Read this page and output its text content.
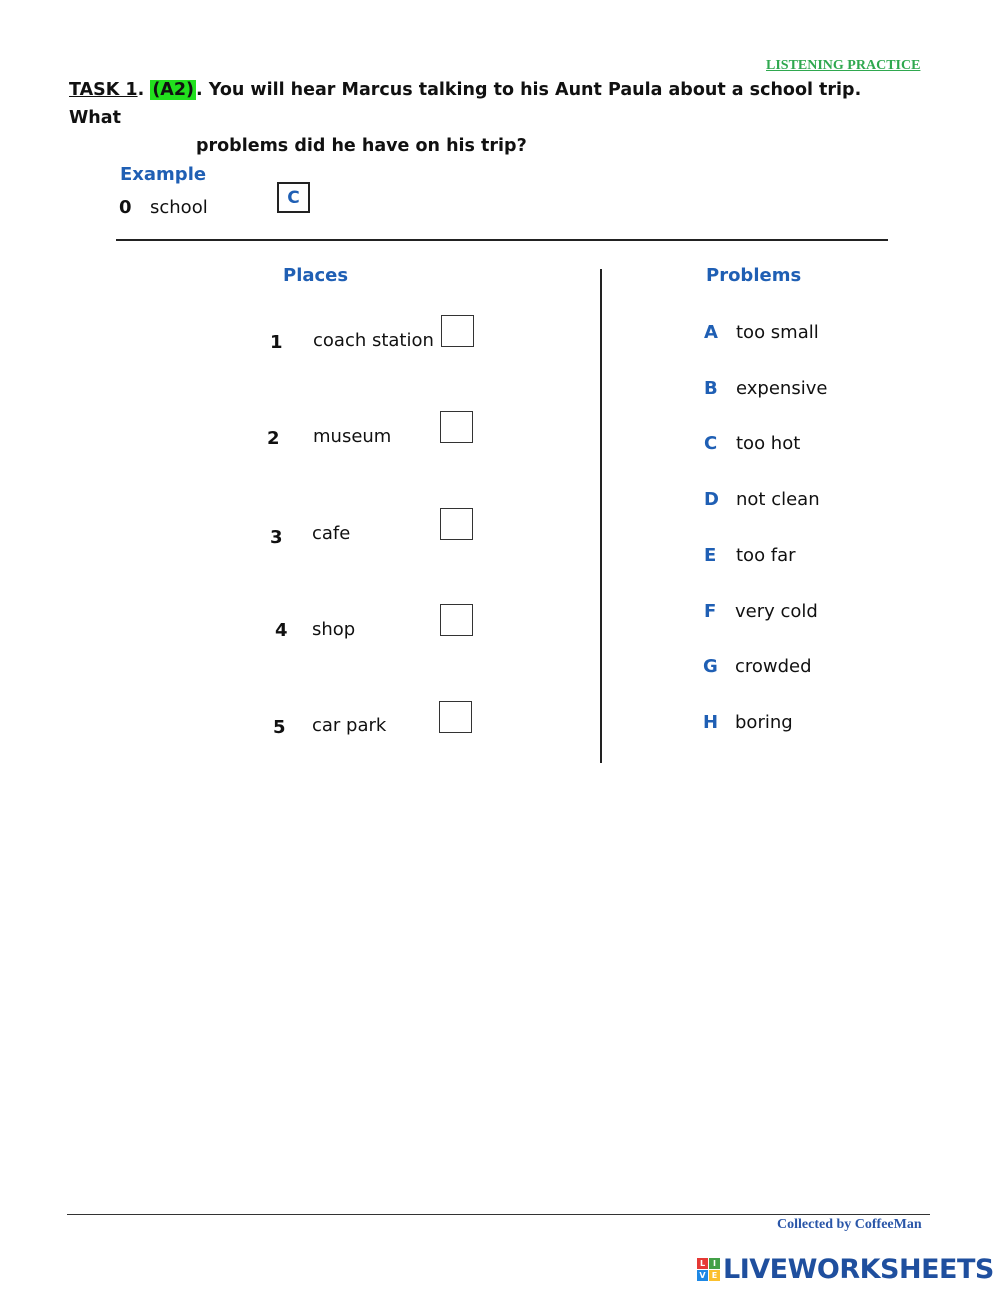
LISTENING PRACTICE
TASK 1. (A2) . You will hear Marcus talking to his Aunt Paula about a school trip. What
problems did he have on his trip?
Example
0 school	C
Places	Problems
1 coach station
2 museum
3 cafe
4 shop
5 car park
A too small
B expensive
C too hot
D not clean
E too far
F very cold
G crowded
H boring
Collected by CoffeeMan
L I
V E LIVEWORKSHEETS
